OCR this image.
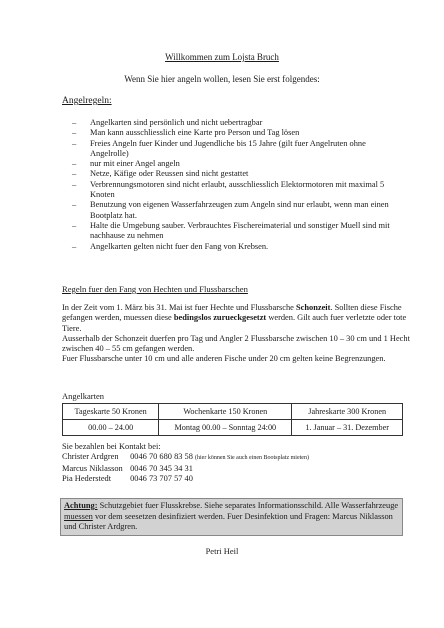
Willkommen zum Lojsta Bruch
Wenn Sie hier angeln wollen, lesen Sie erst folgendes:
Angelregeln:
– Angelkarten sind persönlich und nicht uebertragbar
– Man kann ausschliesslich eine Karte pro Person und Tag lösen
– Freies Angeln fuer Kinder und Jugendliche bis 15 Jahre (gilt fuer Angelruten ohne Angelrolle)
– nur mit einer Angel angeln
– Netze, Käfige oder Reussen sind nicht gestattet
– Verbrennungsmotoren sind nicht erlaubt, ausschliesslich Elektormotoren mit maximal 5 Knoten
– Benutzung von eigenen Wasserfahrzeugen zum Angeln sind nur erlaubt, wenn man einen Bootplatz hat.
– Halte die Umgebung sauber. Verbrauchtes Fischereimaterial und sonstiger Muell sind mit nachhause zu nehmen
– Angelkarten gelten nicht fuer den Fang von Krebsen.
Regeln fuer den Fang von Hechten und Flussbarschen

In der Zeit vom 1. März bis 31. Mai ist fuer Hechte und Flussbarsche Schonzeit. Sollten diese Fische gefangen werden, muessen diese bedingslos zurueckgesetzt werden. Gilt auch fuer verletzte oder tote Tiere.

Ausserhalb der Schonzeit duerfen pro Tag und Angler 2 Flussbarsche zwischen 10 – 30 cm und 1 Hecht zwischen 40 – 55 cm gefangen werden.

Fuer Flussbarsche unter 10 cm und alle anderen Fische under 20 cm gelten keine Begrenzungen.

Angelkarten
Tageskarte 50 Kronen	Wochenkarte 150 Kronen	Jahreskarte 300 Kronen
00.00 – 24.00	Montag 00.00 – Sonntag 24:00	1. Januar – 31. Dezember
Sie bezahlen bei Kontakt bei:
Christer Ardgren 0046 70 680 83 58 (hier können Sie auch einen Bootsplatz mieten)
Marcus Niklasson 0046 70 345 34 31
Pia Hederstedt 0046 73 707 57 40
Achtung: Schutzgebiet fuer Flusskrebse. Siehe separates Informationsschild. Alle Wasserfahrzeuge muessen vor dem seesetzen desinfiziert werden. Fuer Desinfektion und Fragen: Marcus Niklasson und Christer Ardgren.
Petri Heil
